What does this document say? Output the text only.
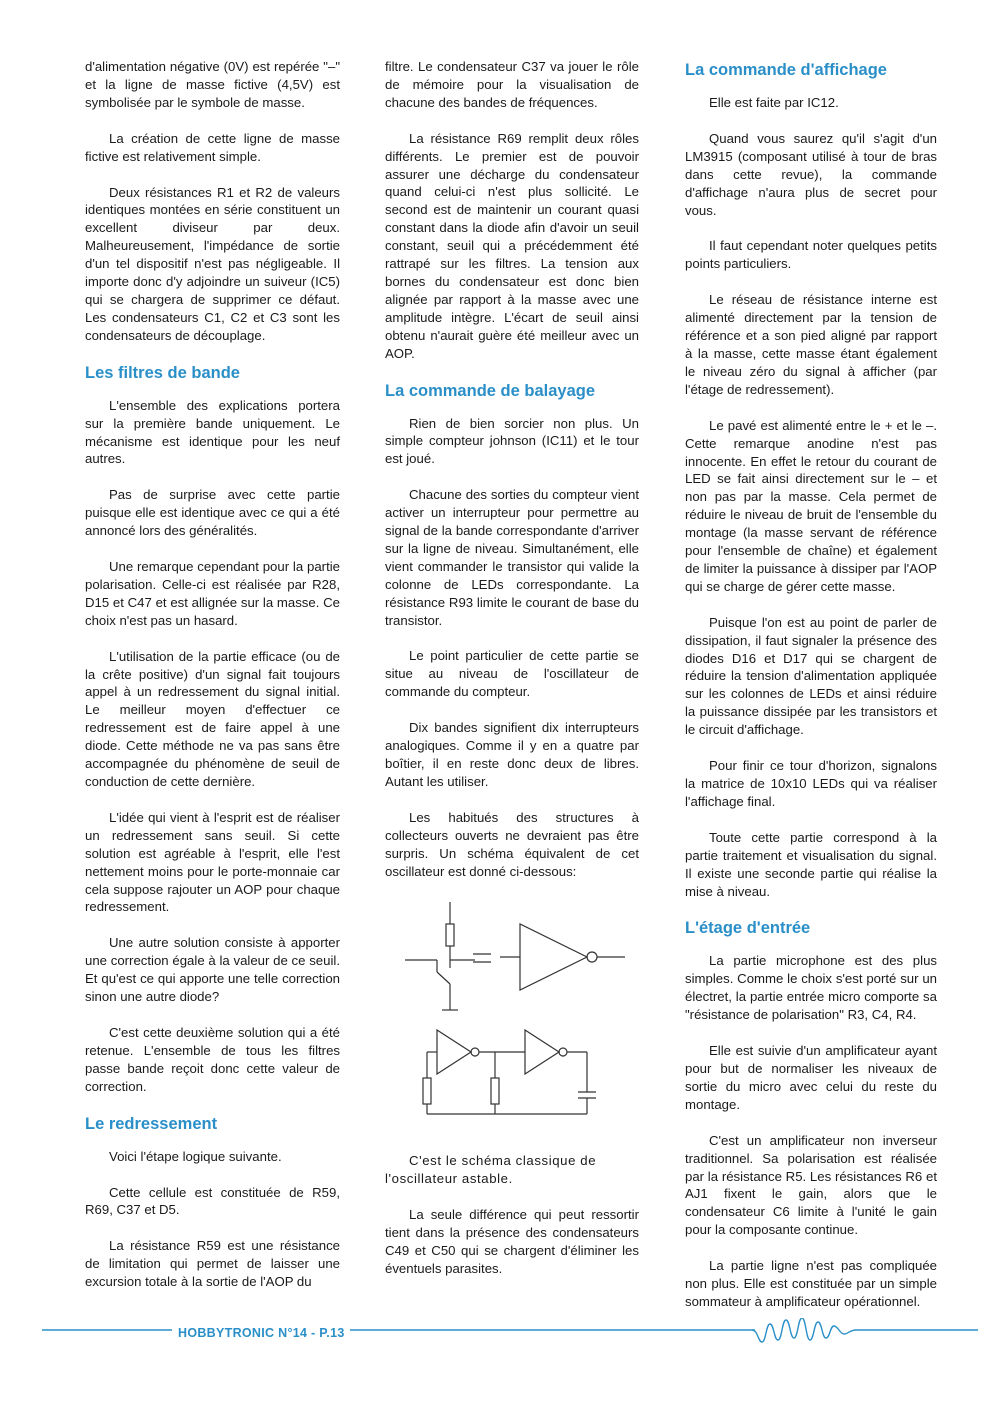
d'alimentation négative (0V) est repérée "–" et la ligne de masse fictive (4,5V) est symbolisée par le symbole de masse.

La création de cette ligne de masse fictive est relativement simple.

Deux résistances R1 et R2 de valeurs identiques montées en série constituent un excellent diviseur par deux. Malheureusement, l'impédance de sortie d'un tel dispositif n'est pas négligeable. Il importe donc d'y adjoindre un suiveur (IC5) qui se chargera de supprimer ce défaut. Les condensateurs C1, C2 et C3 sont les condensateurs de découplage.

Les filtres de bande

L'ensemble des explications portera sur la première bande uniquement. Le mécanisme est identique pour les neuf autres.

Pas de surprise avec cette partie puisque elle est identique avec ce qui a été annoncé lors des généralités.

Une remarque cependant pour la partie polarisation. Celle-ci est réalisée par R28, D15 et C47 et est allignée sur la masse. Ce choix n'est pas un hasard.

L'utilisation de la partie efficace (ou de la crête positive) d'un signal fait toujours appel à un redressement du signal initial. Le meilleur moyen d'effectuer ce redressement est de faire appel à une diode. Cette méthode ne va pas sans être accompagnée du phénomène de seuil de conduction de cette dernière.

L'idée qui vient à l'esprit est de réaliser un redressement sans seuil. Si cette solution est agréable à l'esprit, elle l'est nettement moins pour le porte-monnaie car cela suppose rajouter un AOP pour chaque redressement.

Une autre solution consiste à apporter une correction égale à la valeur de ce seuil. Et qu'est ce qui apporte une telle correction sinon une autre diode?

C'est cette deuxième solution qui a été retenue. L'ensemble de tous les filtres passe bande reçoit donc cette valeur de correction.

Le redressement

Voici l'étape logique suivante.

Cette cellule est constituée de R59, R69, C37 et D5.

La résistance R59 est une résistance de limitation qui permet de laisser une excursion totale à la sortie de l'AOP du

filtre. Le condensateur C37 va jouer le rôle de mémoire pour la visualisation de chacune des bandes de fréquences.

La résistance R69 remplit deux rôles différents. Le premier est de pouvoir assurer une décharge du condensateur quand celui-ci n'est plus sollicité. Le second est de maintenir un courant quasi constant dans la diode afin d'avoir un seuil constant, seuil qui a précédemment été rattrapé sur les filtres. La tension aux bornes du condensateur est donc bien alignée par rapport à la masse avec une amplitude intègre. L'écart de seuil ainsi obtenu n'aurait guère été meilleur avec un AOP.

La commande de balayage

Rien de bien sorcier non plus. Un simple compteur johnson (IC11) et le tour est joué.

Chacune des sorties du compteur vient activer un interrupteur pour permettre au signal de la bande correspondante d'arriver sur la ligne de niveau. Simultanément, elle vient commander le transistor qui valide la colonne de LEDs correspondante. La résistance R93 limite le courant de base du transistor.

Le point particulier de cette partie se situe au niveau de l'oscillateur de commande du compteur.

Dix bandes signifient dix interrupteurs analogiques. Comme il y en a quatre par boîtier, il en reste donc deux de libres. Autant les utiliser.

Les habitués des structures à collecteurs ouverts ne devraient pas être surpris. Un schéma équivalent de cet oscillateur est donné ci-dessous:

C'est le schéma classique de l'oscillateur astable.

La seule différence qui peut ressortir tient dans la présence des condensateurs C49 et C50 qui se chargent d'éliminer les éventuels parasites.

La commande d'affichage

Elle est faite par IC12.

Quand vous saurez qu'il s'agit d'un LM3915 (composant utilisé à tour de bras dans cette revue), la commande d'affichage n'aura plus de secret pour vous.

Il faut cependant noter quelques petits points particuliers.

Le réseau de résistance interne est alimenté directement par la tension de référence et a son pied aligné par rapport à la masse, cette masse étant également le niveau zéro du signal à afficher (par l'étage de redressement).

Le pavé est alimenté entre le + et le –. Cette remarque anodine n'est pas innocente. En effet le retour du courant de LED se fait ainsi directement sur le – et non pas par la masse. Cela permet de réduire le niveau de bruit de l'ensemble du montage (la masse servant de référence pour l'ensemble de chaîne) et également de limiter la puissance à dissiper par l'AOP qui se charge de gérer cette masse.

Puisque l'on est au point de parler de dissipation, il faut signaler la présence des diodes D16 et D17 qui se chargent de réduire la tension d'alimentation appliquée sur les colonnes de LEDs et ainsi réduire la puissance dissipée par les transistors et le circuit d'affichage.

Pour finir ce tour d'horizon, signalons la matrice de 10x10 LEDs qui va réaliser l'affichage final.

Toute cette partie correspond à la partie traitement et visualisation du signal. Il existe une seconde partie qui réalise la mise à niveau.

L'étage d'entrée

La partie microphone est des plus simples. Comme le choix s'est porté sur un électret, la partie entrée micro comporte sa "résistance de polarisation" R3, C4, R4.

Elle est suivie d'un amplificateur ayant pour but de normaliser les niveaux de sortie du micro avec celui du reste du montage.

C'est un amplificateur non inverseur traditionnel. Sa polarisation est réalisée par la résistance R5. Les résistances R6 et AJ1 fixent le gain, alors que le condensateur C6 limite à l'unité le gain pour la composante continue.

La partie ligne n'est pas compliquée non plus. Elle est constituée par un simple sommateur à amplificateur opérationnel.

HOBBYTRONIC N°14 - P.13
